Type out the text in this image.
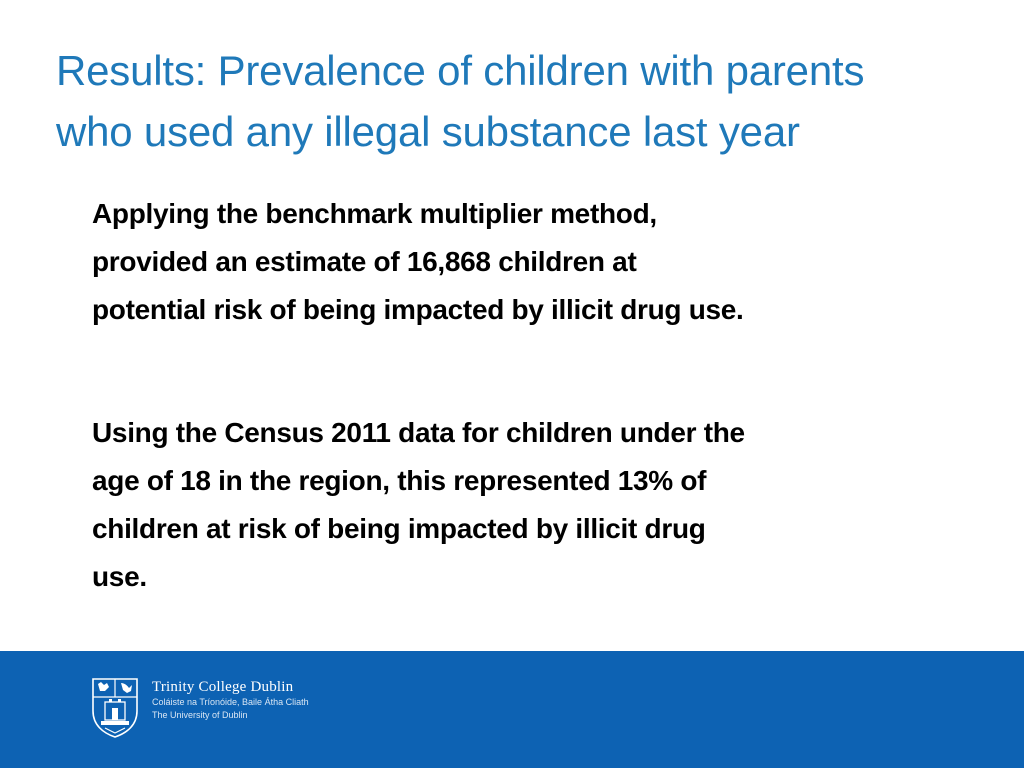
Results: Prevalence of children with parents
who used any illegal substance last year
Applying the benchmark multiplier method,
provided an estimate of 16,868 children at
potential risk of being impacted by illicit drug use.
Using the Census 2011 data for children under the
age of 18 in the region, this represented 13% of
children at risk of being impacted by illicit drug
use.
Trinity College Dublin
Coláiste na Tríonóide, Baile Átha Cliath
The University of Dublin
